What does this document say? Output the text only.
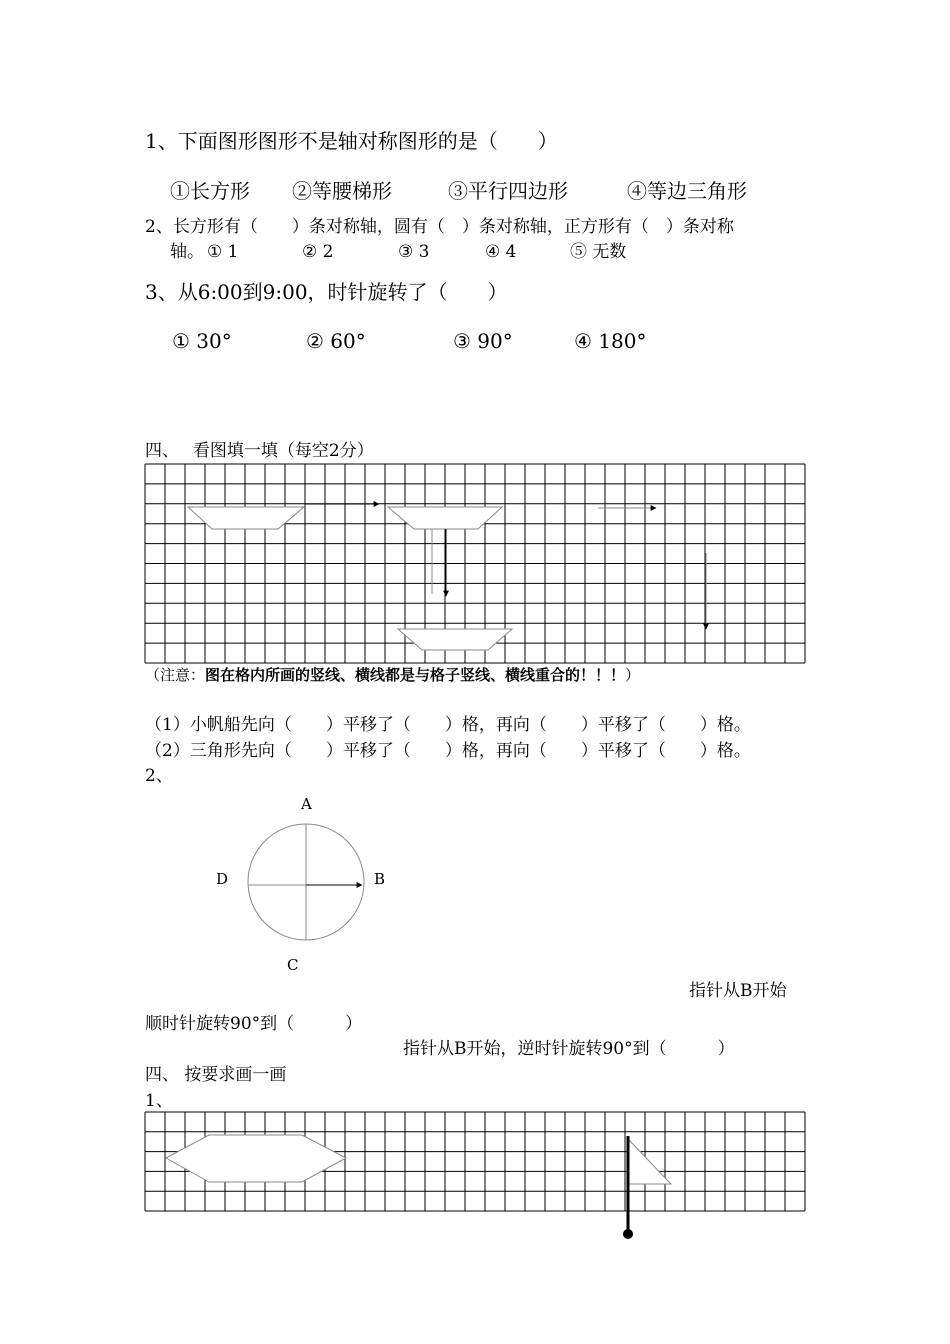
1、下面图形图形不是轴对称图形的是（　　）
①长方形 ②等腰梯形	③平行四边形	④等边三角形
2、长方形有（　　）条对称轴，圆有（　）条对称轴，正方形有（　）条对称
轴。 ① 1	② 2	③ 3	④ 4	⑤ 无数
3、从6:00到9:00，时针旋转了（　　）
① 30°	② 60°	③ 90°	④ 180°
四、　 看图填一填（每空2分）
（注意：图在格内所画的竖线、横线都是与格子竖线、横线重合的！！！）
（1）小帆船先向（　　）平移了（　　）格，再向（　　）平移了（　　）格。
（2）三角形先向（　　）平移了（　　）格，再向（　　）平移了（　　）格。
2、
A
B
C
D
指针从B开始
顺时针旋转90°到（　　　）
指针从B开始，逆时针旋转90°到（　　　）
四、 按要求画一画
1、
